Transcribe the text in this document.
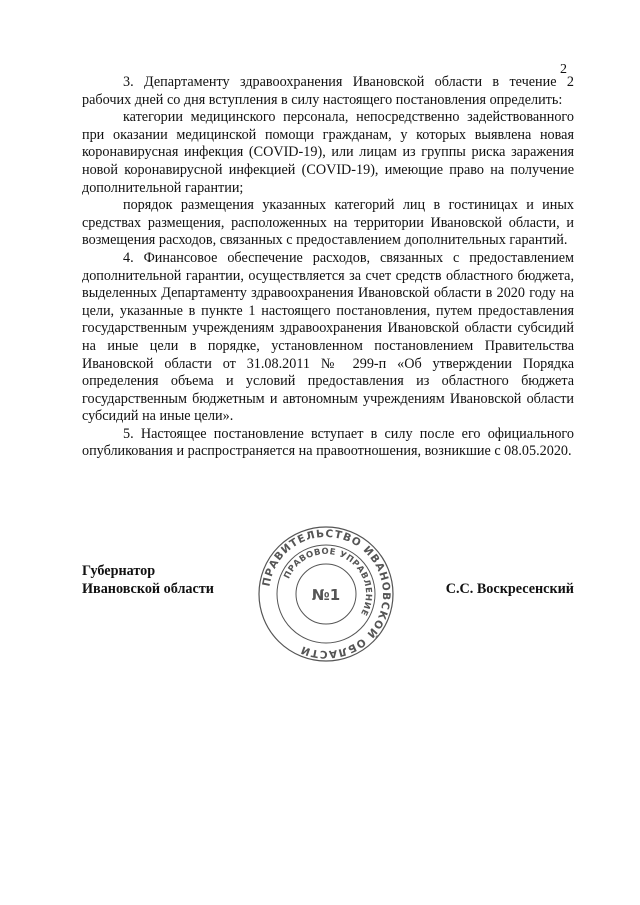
2

3. Департаменту здравоохранения Ивановской области в течение 2 рабочих дней со дня вступления в силу настоящего постановления определить:

категории медицинского персонала, непосредственно задействованного при оказании медицинской помощи гражданам, у которых выявлена новая коронавирусная инфекция (COVID-19), или лицам из группы риска заражения новой коронавирусной инфекцией (COVID-19), имеющие право на получение дополнительной гарантии;

порядок размещения указанных категорий лиц в гостиницах и иных средствах размещения, расположенных на территории Ивановской области, и возмещения расходов, связанных с предоставлением дополнительных гарантий.

4. Финансовое обеспечение расходов, связанных с предоставлением дополнительной гарантии, осуществляется за счет средств областного бюджета, выделенных Департаменту здравоохранения Ивановской области в 2020 году на цели, указанные в пункте 1 настоящего постановления, путем предоставления государственным учреждениям здравоохранения Ивановской области субсидий на иные цели в порядке, установленном постановлением Правительства Ивановской области от 31.08.2011 № 299-п «Об утверждении Порядка определения объема и условий предоставления из областного бюджета государственным бюджетным и автономным учреждениям Ивановской области субсидий на иные цели».

5. Настоящее постановление вступает в силу после его официального опубликования и распространяется на правоотношения, возникшие с 08.05.2020.

Губернатор
Ивановской области	ПРАВИТЕЛЬСТВО ИВАНОВСКОЙ ОБЛАСТИ
ПРАВОВОЕ УПРАВЛЕНИЕ
№1	С.С. Воскресенский
